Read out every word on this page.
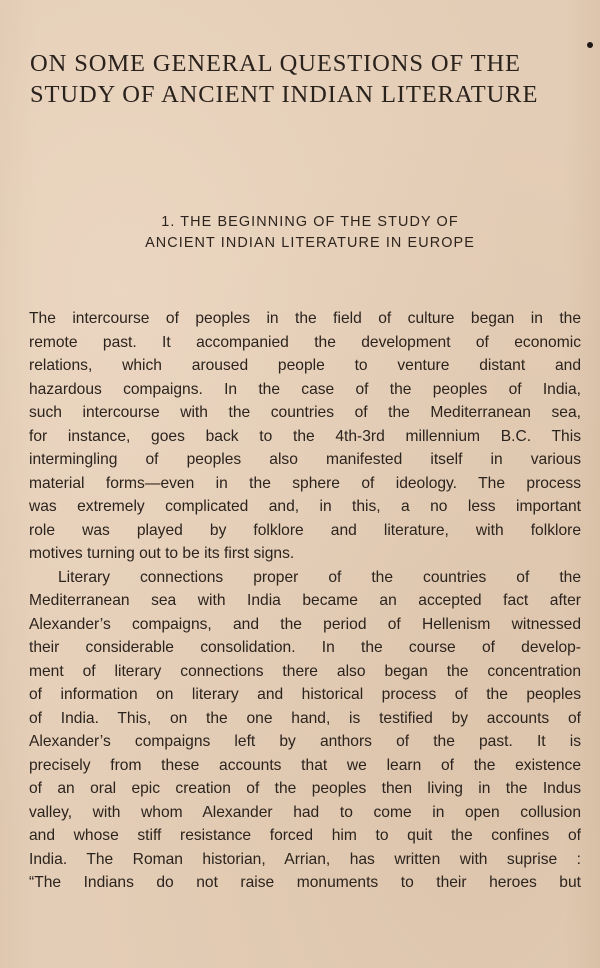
ON SOME GENERAL QUESTIONS OF THE
STUDY OF ANCIENT INDIAN LITERATURE
1. THE BEGINNING OF THE STUDY OF
ANCIENT INDIAN LITERATURE IN EUROPE
The intercourse of peoples in the field of culture began in the
remote past. It accompanied the development of economic
relations, which aroused people to venture distant and
hazardous compaigns. In the case of the peoples of India,
such intercourse with the countries of the Mediterranean sea,
for instance, goes back to the 4th-3rd millennium B.C. This
intermingling of peoples also manifested itself in various
material forms—even in the sphere of ideology. The process
was extremely complicated and, in this, a no less important
role was played by folklore and literature, with folklore
motives turning out to be its first signs.
Literary connections proper of the countries of the
Mediterranean sea with India became an accepted fact after
Alexander’s compaigns, and the period of Hellenism witnessed
their considerable consolidation. In the course of develop-
ment of literary connections there also began the concentration
of information on literary and historical process of the peoples
of India. This, on the one hand, is testified by accounts of
Alexander’s compaigns left by anthors of the past. It is
precisely from these accounts that we learn of the existence
of an oral epic creation of the peoples then living in the Indus
valley, with whom Alexander had to come in open collusion
and whose stiff resistance forced him to quit the confines of
India. The Roman historian, Arrian, has written with suprise :
“The Indians do not raise monuments to their heroes but
